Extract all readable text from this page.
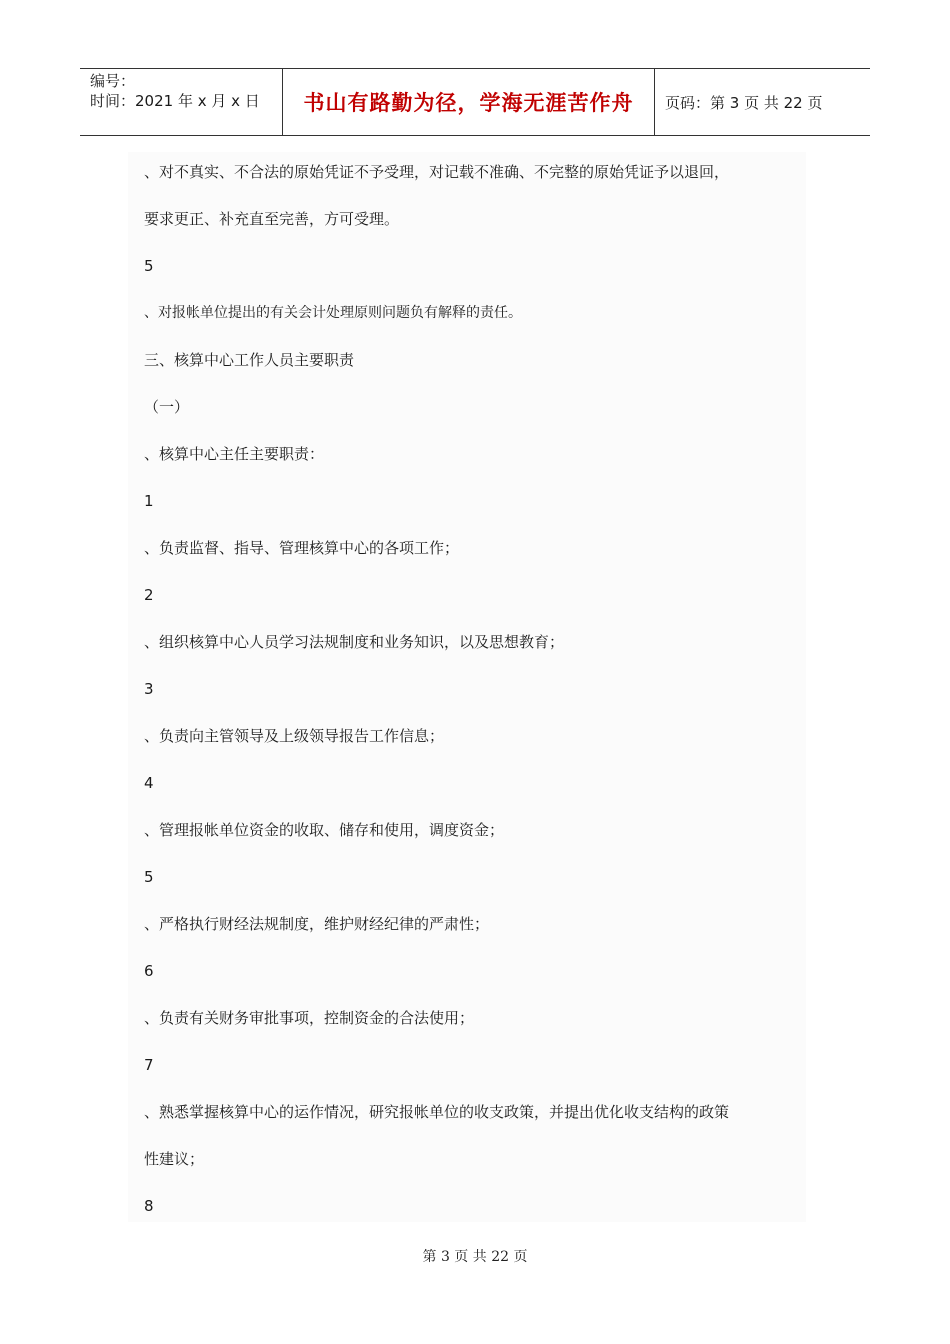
编号：
时间：2021 年 x 月 x 日	书山有路勤为径，学海无涯苦作舟	页码：第 3 页 共 22 页
、对不真实、不合法的原始凭证不予受理，对记载不准确、不完整的原始凭证予以退回，
要求更正、补充直至完善，方可受理。
5
、对报帐单位提出的有关会计处理原则问题负有解释的责任。
三、核算中心工作人员主要职责
（一）
、核算中心主任主要职责：
1
、负责监督、指导、管理核算中心的各项工作；
2
、组织核算中心人员学习法规制度和业务知识，以及思想教育；
3
、负责向主管领导及上级领导报告工作信息；
4
、管理报帐单位资金的收取、储存和使用，调度资金；
5
、严格执行财经法规制度，维护财经纪律的严肃性；
6
、负责有关财务审批事项，控制资金的合法使用；
7
、熟悉掌握核算中心的运作情况，研究报帐单位的收支政策，并提出优化收支结构的政策
性建议；
8
第 3 页 共 22 页
